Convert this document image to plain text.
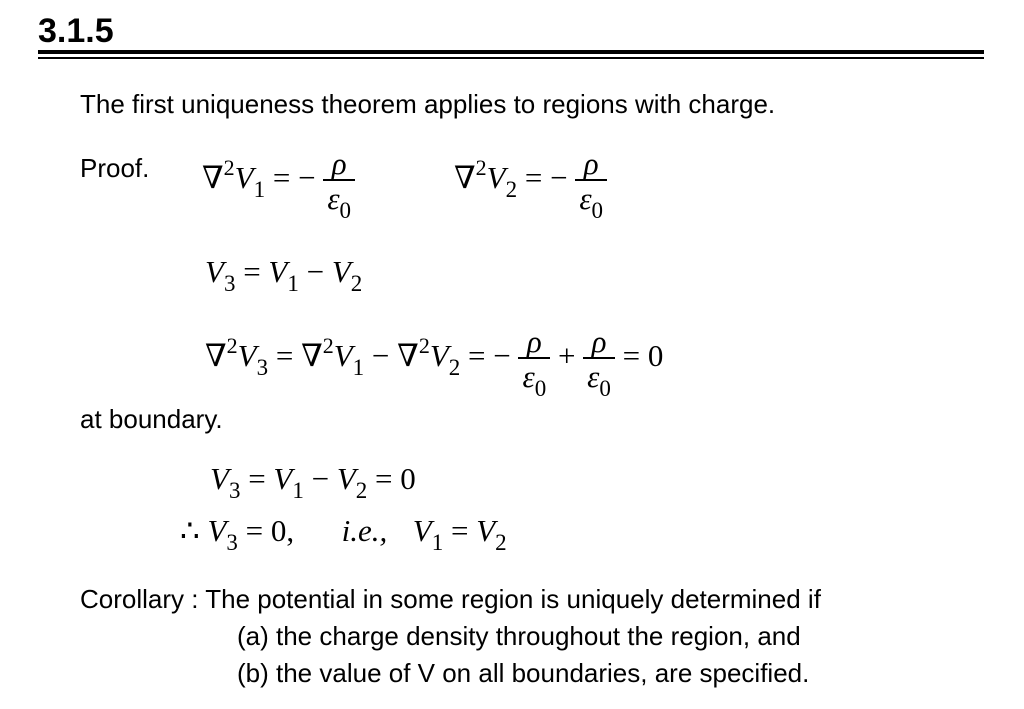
3.1.5
The first uniqueness theorem applies to regions with charge.
Proof. $\nabla^2V_1$ = − $\frac{\rho}{\varepsilon_0}$	$\nabla^2V_2$ = − $\frac{\rho}{\varepsilon_0}$
$V_3 = V_1 - V_2$
$\nabla^2V_3 = \nabla^2V_1 - \nabla^2V_2$ = − $\frac{\rho}{\varepsilon_0} + \frac{\rho}{\varepsilon_0} = 0$
at boundary.
$V_3 = V_1 - V_2 = 0$
∴ $V_3 = 0$, i.e., $V_1 = V_2$
Corollary : The potential in some region is uniquely determined if
(a) the charge density throughout the region, and
(b) the value of V on all boundaries, are specified.
